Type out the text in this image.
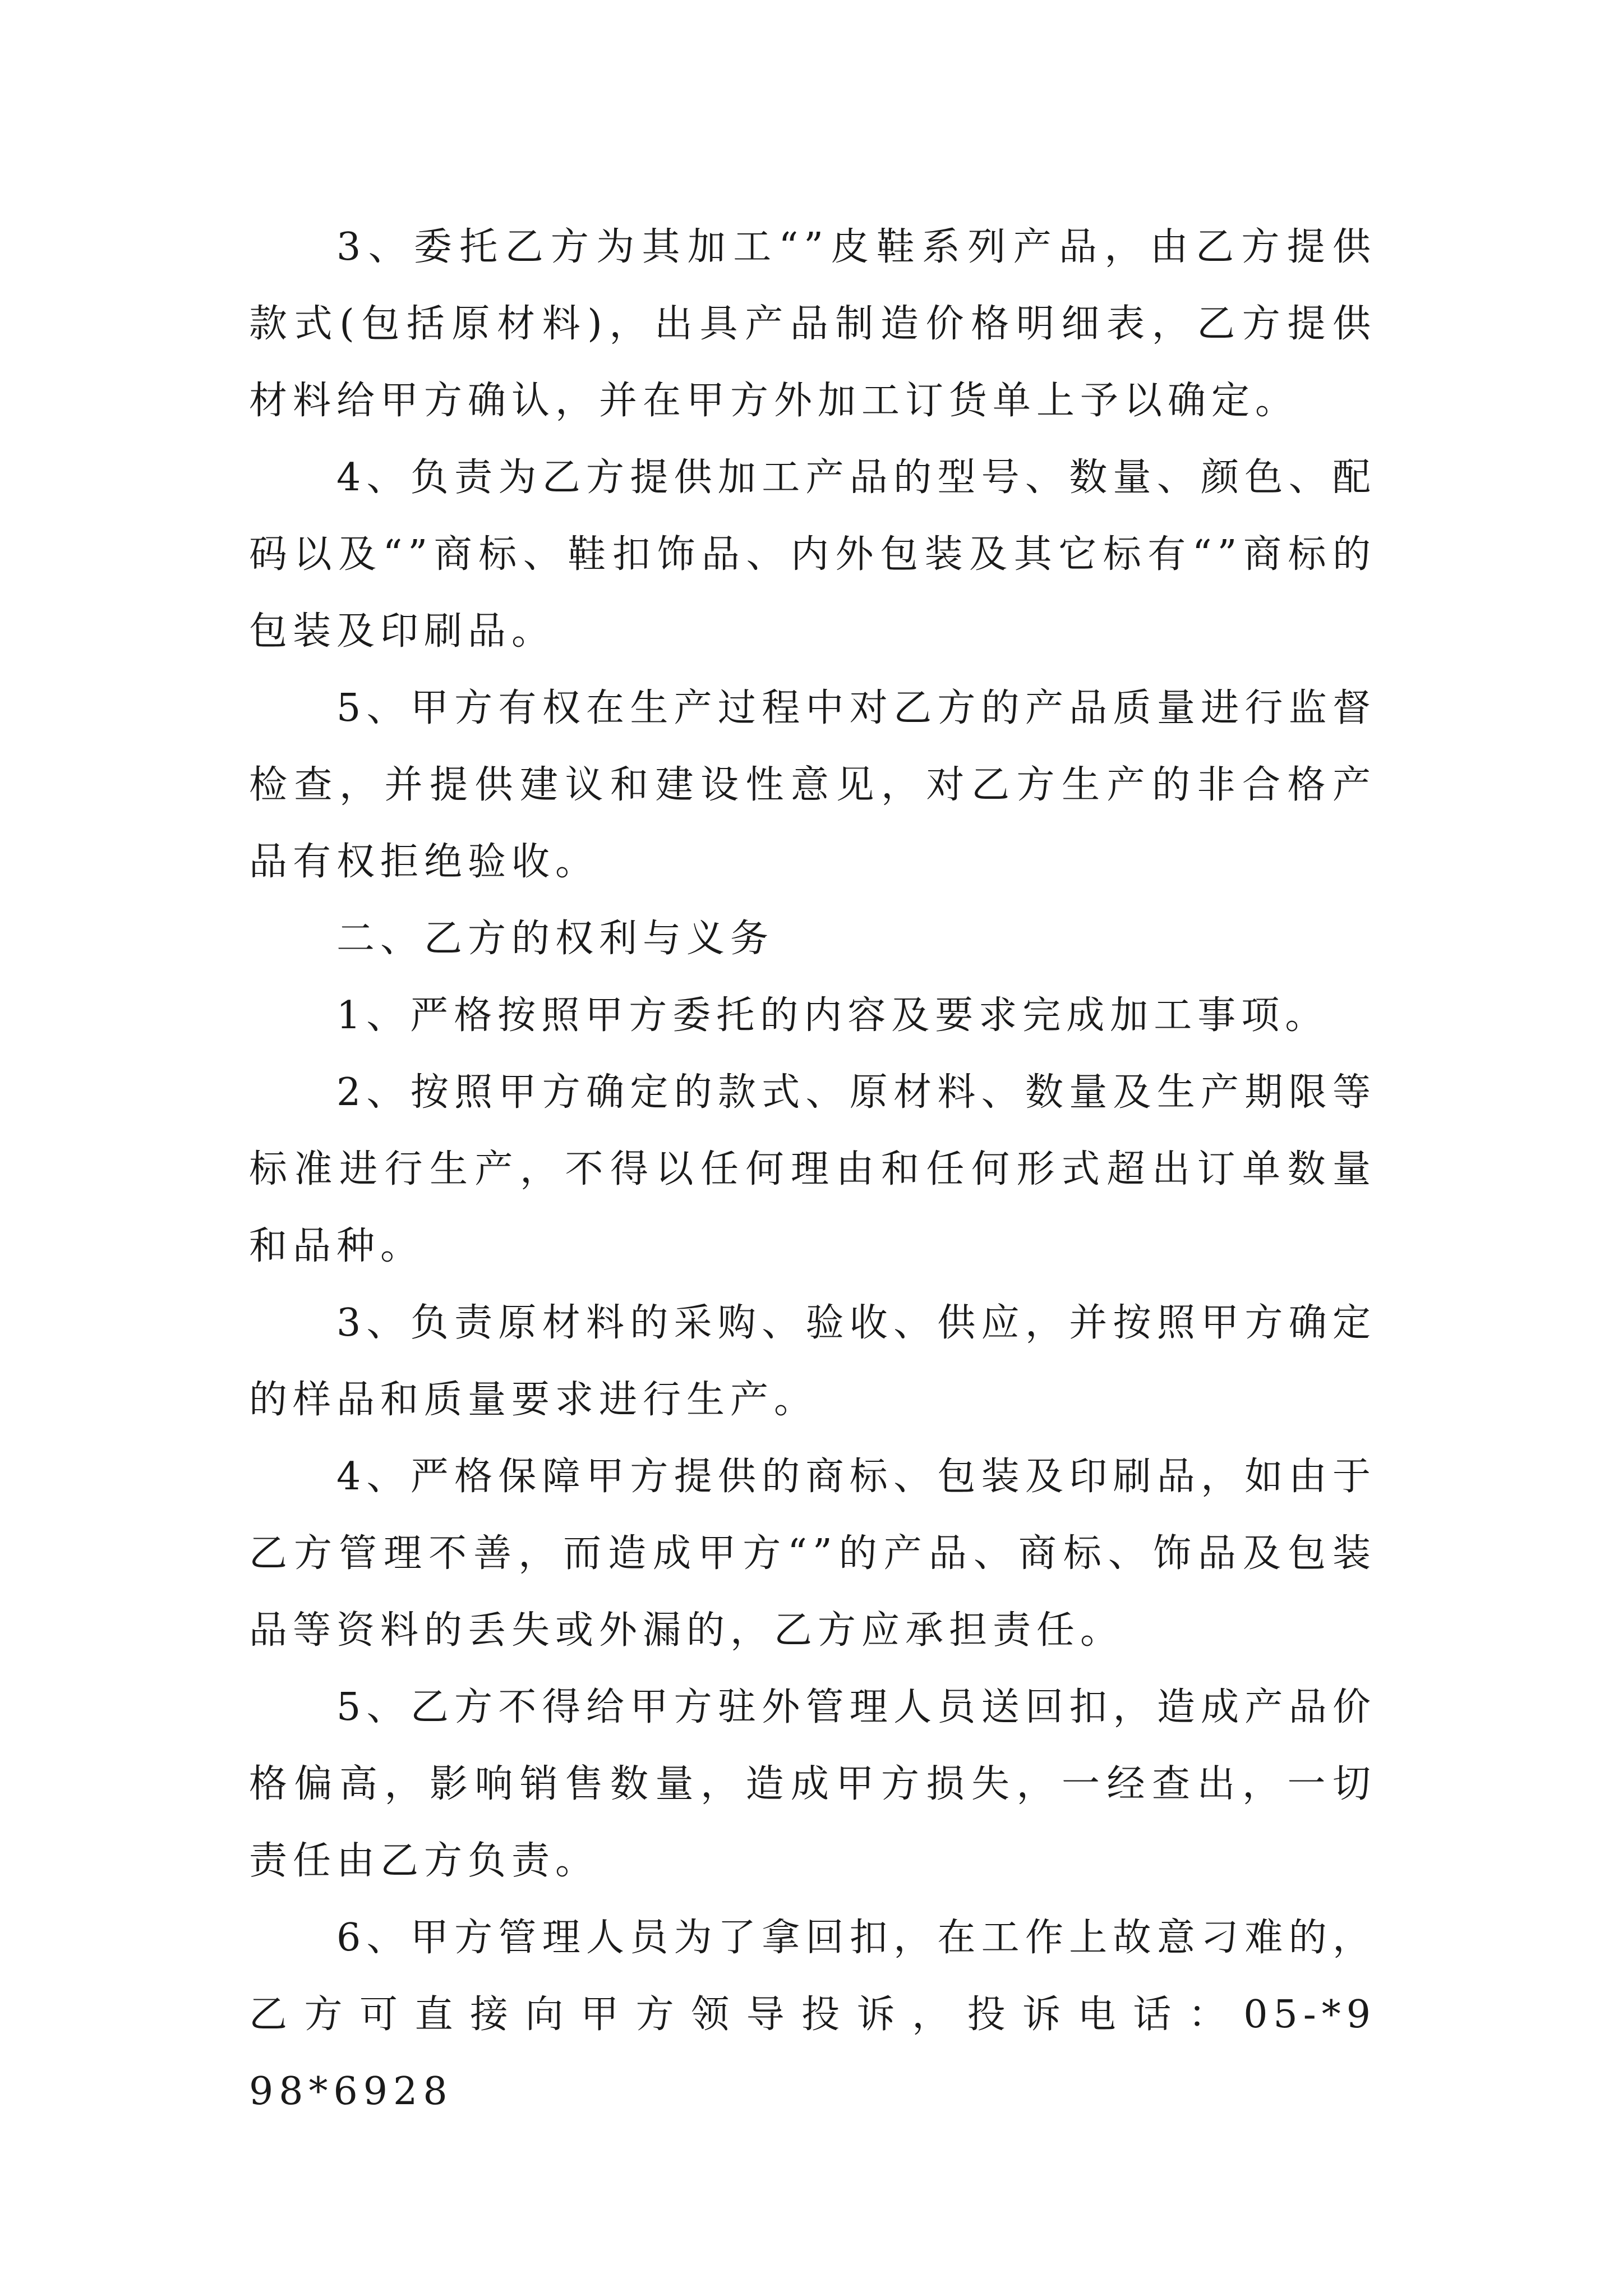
3、委托乙方为其加工“”皮鞋系列产品，由乙方提供款式(包括原材料)，出具产品制造价格明细表，乙方提供材料给甲方确认，并在甲方外加工订货单上予以确定。

4、负责为乙方提供加工产品的型号、数量、颜色、配码以及“”商标、鞋扣饰品、内外包装及其它标有“”商标的包装及印刷品。

5、甲方有权在生产过程中对乙方的产品质量进行监督检查，并提供建议和建设性意见，对乙方生产的非合格产品有权拒绝验收。

二、乙方的权利与义务

1、严格按照甲方委托的内容及要求完成加工事项。

2、按照甲方确定的款式、原材料、数量及生产期限等标准进行生产，不得以任何理由和任何形式超出订单数量和品种。

3、负责原材料的采购、验收、供应，并按照甲方确定的样品和质量要求进行生产。

4、严格保障甲方提供的商标、包装及印刷品，如由于乙方管理不善，而造成甲方“”的产品、商标、饰品及包装品等资料的丢失或外漏的，乙方应承担责任。

5、乙方不得给甲方驻外管理人员送回扣，造成产品价格偏高，影响销售数量，造成甲方损失，一经查出，一切责任由乙方负责。

6、甲方管理人员为了拿回扣，在工作上故意刁难的，乙方可直接向甲方领导投诉，投诉电话：05-*9 98*6928
